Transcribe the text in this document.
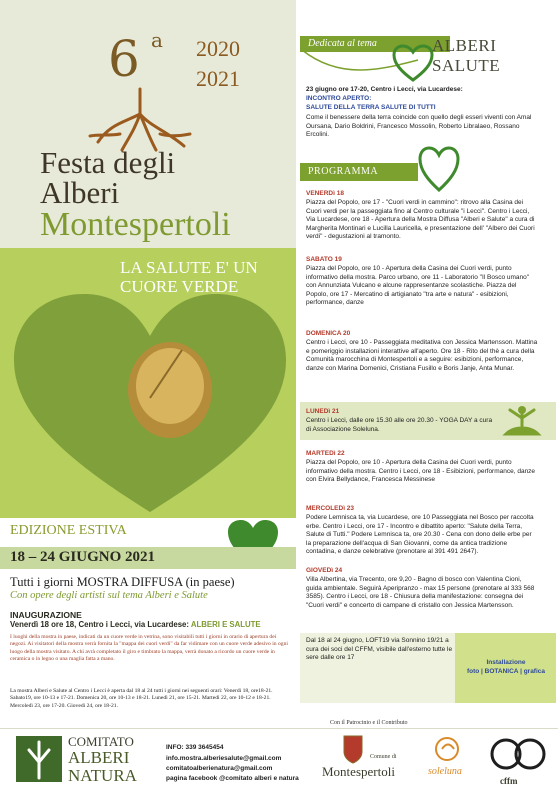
6 a 2020
2021
Festa degli
Alberi
Montespertoli
LA SALUTE E' UN
CUORE VERDE
EDIZIONE ESTIVA
18 – 24 GIUGNO 2021
Tutti i giorni MOSTRA DIFFUSA (in paese)
Con opere degli artisti sul tema Alberi e Salute
INAUGURAZIONE
Venerdì 18 ore 18, Centro i Lecci, via Lucardese: ALBERI E SALUTE
I luoghi della mostra in paese, indicati da un cuore verde in vetrina, sono visitabili tutti i giorni in orario di apertura dei negozi. Ai visitatori della mostra verrà fornita la "mappa dei cuori verdi" da far vidimare con un cuore verde adesivo in ogni luogo della mostra visitato. A chi avrà completato il giro e timbrato la mappa, verrà donato a ricordo un cuore verde in ceramica o in legno o una maglia fatta a mano.
La mostra Alberi e Salute al Centro i Lecci è aperta dal 18 al 24 tutti i giorni nei seguenti orari: Venerdì 18, ore18-21. Sabato19, ore 10-13 e 17-21. Domenica 20, ore 10-13 e 18-21. Lunedì 21, ore 15-21. Martedì 22, ore 10-12 e 18-21. Mercoledì 23, ore 17-20. Giovedì 24, ore 18-21.
Dedicata al tema	ALBERI
SALUTE
23 giugno ore 17-20, Centro i Lecci, via Lucardese:
INCONTRO APERTO:
SALUTE DELLA TERRA SALUTE DI TUTTI
Come il benessere della terra coincide con quello degli esseri viventi con Amal Oursana, Dario Boldrini, Francesco Mossolin, Roberto Libralaeo, Rossano Ercolini.
PROGRAMMA
VENERDì 18
Piazza del Popolo, ore 17 - "Cuori verdi in cammino": ritrovo alla Casina dei Cuori verdi per la passeggiata fino al Centro culturale "i Lecci". Centro i Lecci, Via Lucardese, ore 18 - Apertura della Mostra Diffusa "Alberi e Salute" a cura di Margherita Montinari e Lucilla Lauricella, e presentazione dell' "Albero dei Cuori verdi" - degustazioni al tramonto.
SABATO 19
Piazza del Popolo, ore 10 - Apertura della Casina dei Cuori verdi, punto informativo della mostra. Parco urbano, ore 11 - Laboratorio "Il Bosco umano" con Annunziata Vulcano e alcune rappresentanze scolastiche. Piazza del Popolo, ore 17 - Mercatino di artigianato "tra arte e natura" - esibizioni, performance, danze
DOMENICA 20
Centro i Lecci, ore 10 - Passeggiata meditativa con Jessica Martensson. Mattina e pomeriggio installazioni interattive all'aperto. Ore 18 - Rito del thè a cura della Comunità marocchina di Montespertoli e a seguire: esibizioni, performance, danze con Marina Domenici, Cristiana Fusillo e Boris Janje, Anta Munar.
LUNEDì 21
Centro i Lecci, dalle ore 15.30 alle ore 20.30 - YOGA DAY a cura di Associazione Soleluna.
MARTEDì 22
Piazza del Popolo, ore 10 - Apertura della Casina dei Cuori verdi, punto informativo della mostra. Centro i Lecci, ore 18 - Esibizioni, performance, danze con Elvira Bellydance, Francesca Messinese
MERCOLEDì 23
Podere Lemnisca ta, via Lucardese, ore 10 Passeggiata nel Bosco per raccolta erbe. Centro i Lecci, ore 17 - Incontro e dibattito aperto: "Salute della Terra, Salute di Tutti." Podere Lemnisca ta, ore 20.30 - Cena con dono delle erbe per la preparazione dell'acqua di San Giovanni, come da antica tradizione contadina, e danze celebrative (prenotare al 391 491 2647).
GIOVEDì 24
Villa Albertina, via Trecento, ore 9,20 - Bagno di bosco con Valentina Cioni, guida ambientale. Seguirà Aperipranzo - max 15 persone (prenotare al 333 568 3585). Centro i Lecci, ore 18 - Chiusura della manifestazione: consegna dei "Cuori verdi" e concerto di campane di cristallo con Jessica Martensson.
Dal 18 al 24 giugno, LOFT19 via Sonnino 19/21 a cura dei soci del CFFM, visibile dall'esterno tutte le sere dalle ore 17
Installazione
foto | BOTANICA | grafica
Con il Patrocinio e il Contributo
COMITATO
ALBERI
NATURA
INFO: 339 3645454
info.mostra.alberiesalute@gmail.com
comitatoalberienatura@gmail.com
pagina facebook @comitato alberi e natura
Comune di
Montespertoli	soleluna
cffm
